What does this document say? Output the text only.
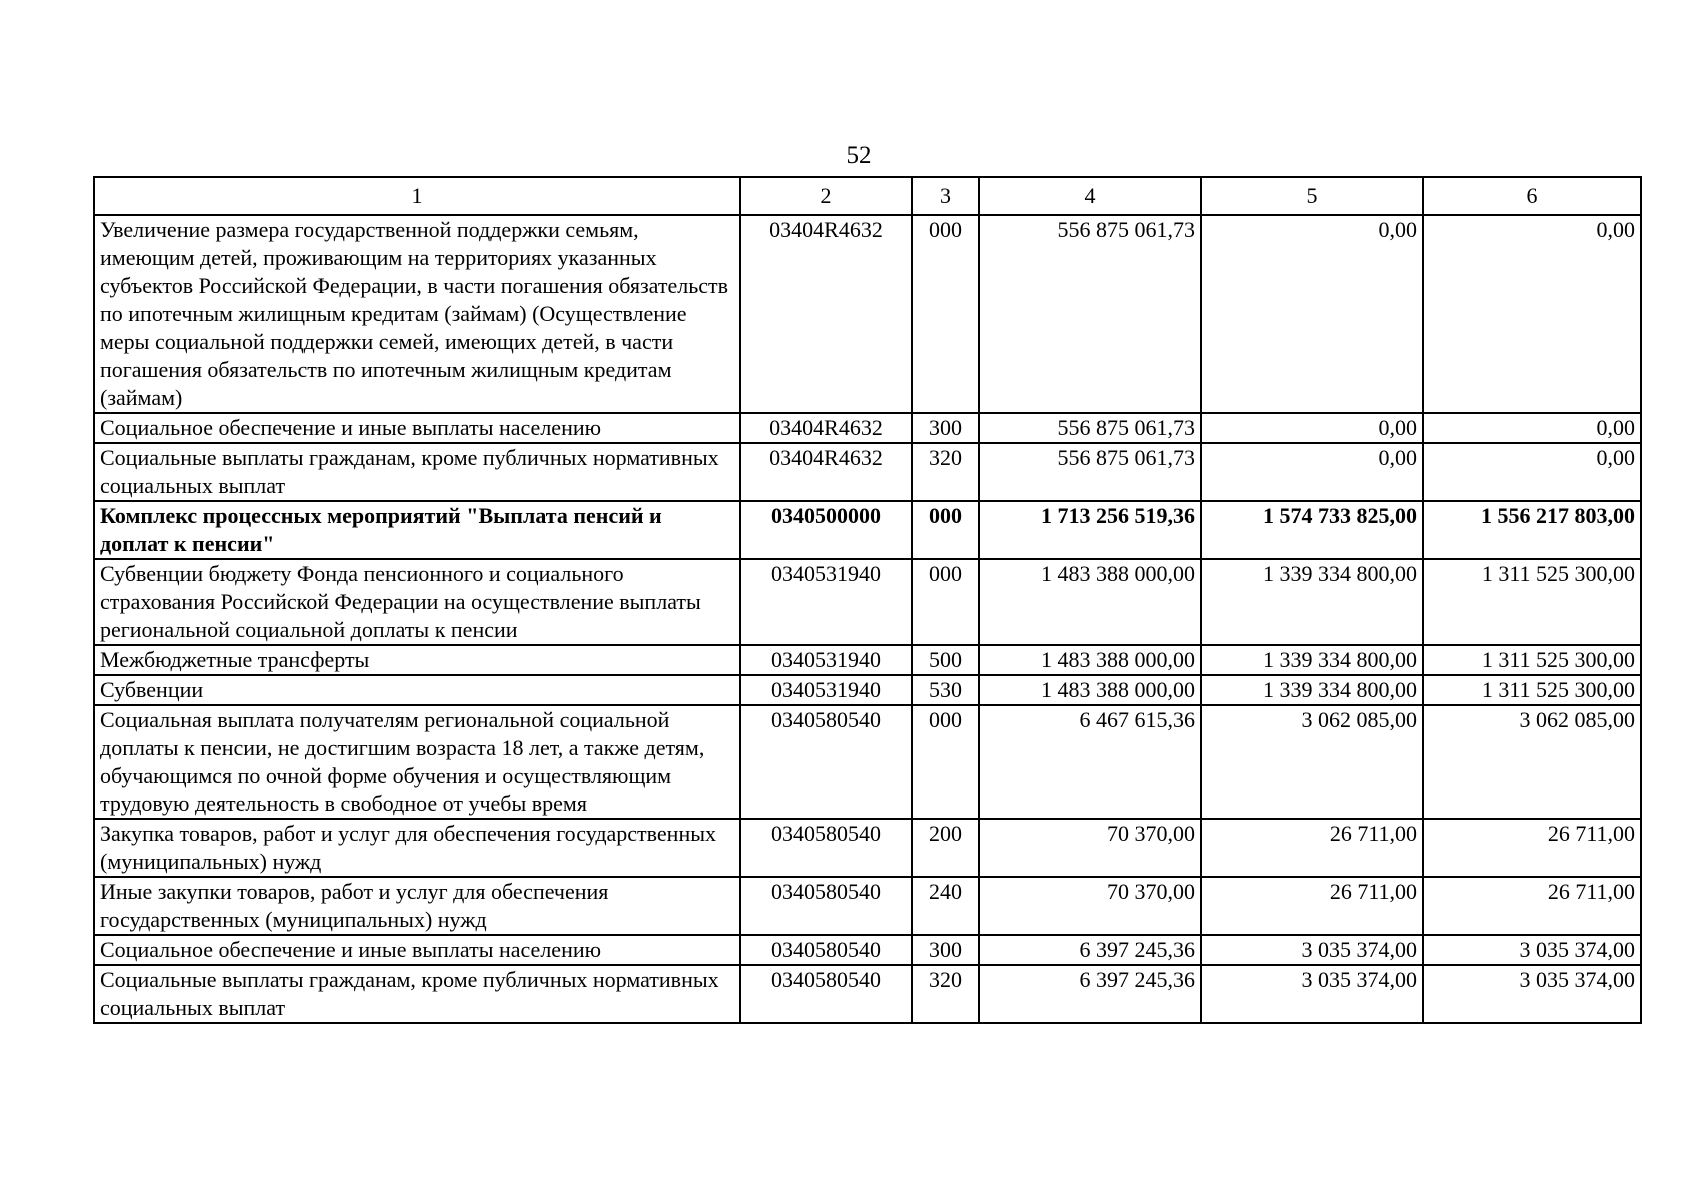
52
1	2	3	4	5	6
Увеличение размера государственной поддержки семьям, имеющим детей, проживающим на территориях указанных субъектов Российской Федерации, в части погашения обязательств по ипотечным жилищным кредитам (займам) (Осуществление меры социальной поддержки семей, имеющих детей, в части погашения обязательств по ипотечным жилищным кредитам (займам)	03404R4632	000	556 875 061,73	0,00	0,00
Социальное обеспечение и иные выплаты населению	03404R4632	300	556 875 061,73	0,00	0,00
Социальные выплаты гражданам, кроме публичных нормативных социальных выплат	03404R4632	320	556 875 061,73	0,00	0,00
Комплекс процессных мероприятий "Выплата пенсий и доплат к пенсии"	0340500000	000	1 713 256 519,36	1 574 733 825,00	1 556 217 803,00
Субвенции бюджету Фонда пенсионного и социального страхования Российской Федерации на осуществление выплаты региональной социальной доплаты к пенсии	0340531940	000	1 483 388 000,00	1 339 334 800,00	1 311 525 300,00
Межбюджетные трансферты	0340531940	500	1 483 388 000,00	1 339 334 800,00	1 311 525 300,00
Субвенции	0340531940	530	1 483 388 000,00	1 339 334 800,00	1 311 525 300,00
Социальная выплата получателям региональной социальной доплаты к пенсии, не достигшим возраста 18 лет, а также детям, обучающимся по очной форме обучения и осуществляющим трудовую деятельность в свободное от учебы время	0340580540	000	6 467 615,36	3 062 085,00	3 062 085,00
Закупка товаров, работ и услуг для обеспечения государственных (муниципальных) нужд	0340580540	200	70 370,00	26 711,00	26 711,00
Иные закупки товаров, работ и услуг для обеспечения государственных (муниципальных) нужд	0340580540	240	70 370,00	26 711,00	26 711,00
Социальное обеспечение и иные выплаты населению	0340580540	300	6 397 245,36	3 035 374,00	3 035 374,00
Социальные выплаты гражданам, кроме публичных нормативных социальных выплат	0340580540	320	6 397 245,36	3 035 374,00	3 035 374,00
